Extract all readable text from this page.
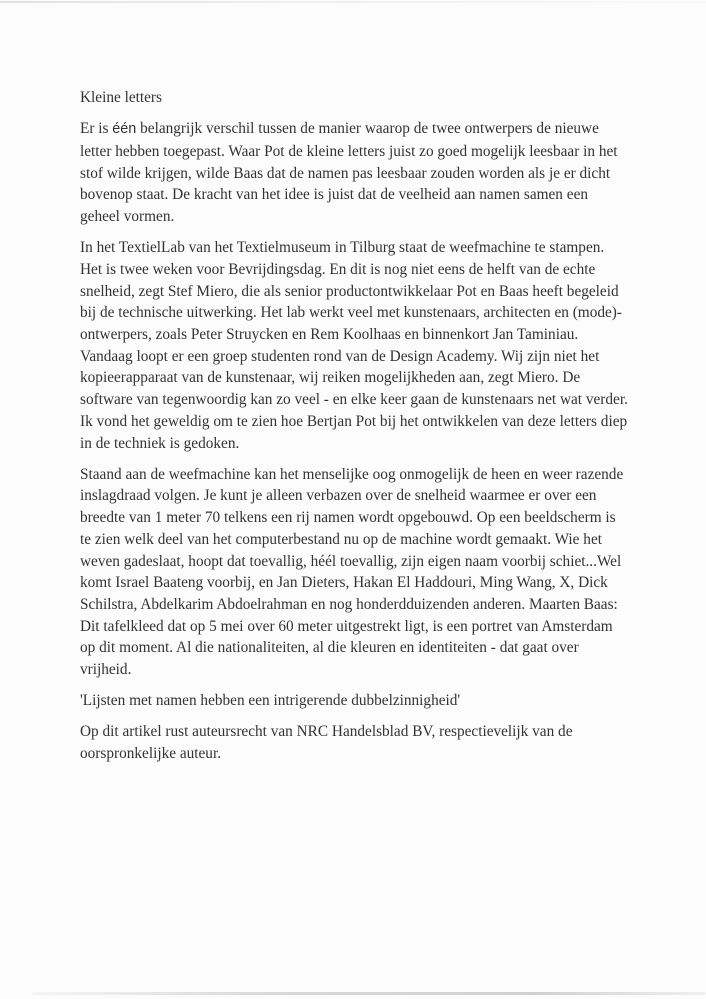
Kleine letters

Er is één belangrijk verschil tussen de manier waarop de twee ontwerpers de nieuwe letter hebben toegepast. Waar Pot de kleine letters juist zo goed mogelijk leesbaar in het stof wilde krijgen, wilde Baas dat de namen pas leesbaar zouden worden als je er dicht bovenop staat. De kracht van het idee is juist dat de veelheid aan namen samen een geheel vormen.

In het TextielLab van het Textielmuseum in Tilburg staat de weefmachine te stampen. Het is twee weken voor Bevrijdingsdag. En dit is nog niet eens de helft van de echte snelheid, zegt Stef Miero, die als senior productontwikkelaar Pot en Baas heeft begeleid bij de technische uitwerking. Het lab werkt veel met kunstenaars, architecten en (mode)-ontwerpers, zoals Peter Struycken en Rem Koolhaas en binnenkort Jan Taminiau. Vandaag loopt er een groep studenten rond van de Design Academy. Wij zijn niet het kopieerapparaat van de kunstenaar, wij reiken mogelijkheden aan, zegt Miero. De software van tegenwoordig kan zo veel - en elke keer gaan de kunstenaars net wat verder. Ik vond het geweldig om te zien hoe Bertjan Pot bij het ontwikkelen van deze letters diep in de techniek is gedoken.

Staand aan de weefmachine kan het menselijke oog onmogelijk de heen en weer razende inslagdraad volgen. Je kunt je alleen verbazen over de snelheid waarmee er over een breedte van 1 meter 70 telkens een rij namen wordt opgebouwd. Op een beeldscherm is te zien welk deel van het computerbestand nu op de machine wordt gemaakt. Wie het weven gadeslaat, hoopt dat toevallig, héél toevallig, zijn eigen naam voorbij schiet...Wel komt Israel Baateng voorbij, en Jan Dieters, Hakan El Haddouri, Ming Wang, X, Dick Schilstra, Abdelkarim Abdoelrahman en nog honderdduizenden anderen. Maarten Baas: Dit tafelkleed dat op 5 mei over 60 meter uitgestrekt ligt, is een portret van Amsterdam op dit moment. Al die nationaliteiten, al die kleuren en identiteiten - dat gaat over vrijheid.

'Lijsten met namen hebben een intrigerende dubbelzinnigheid'

Op dit artikel rust auteursrecht van NRC Handelsblad BV, respectievelijk van de oorspronkelijke auteur.
